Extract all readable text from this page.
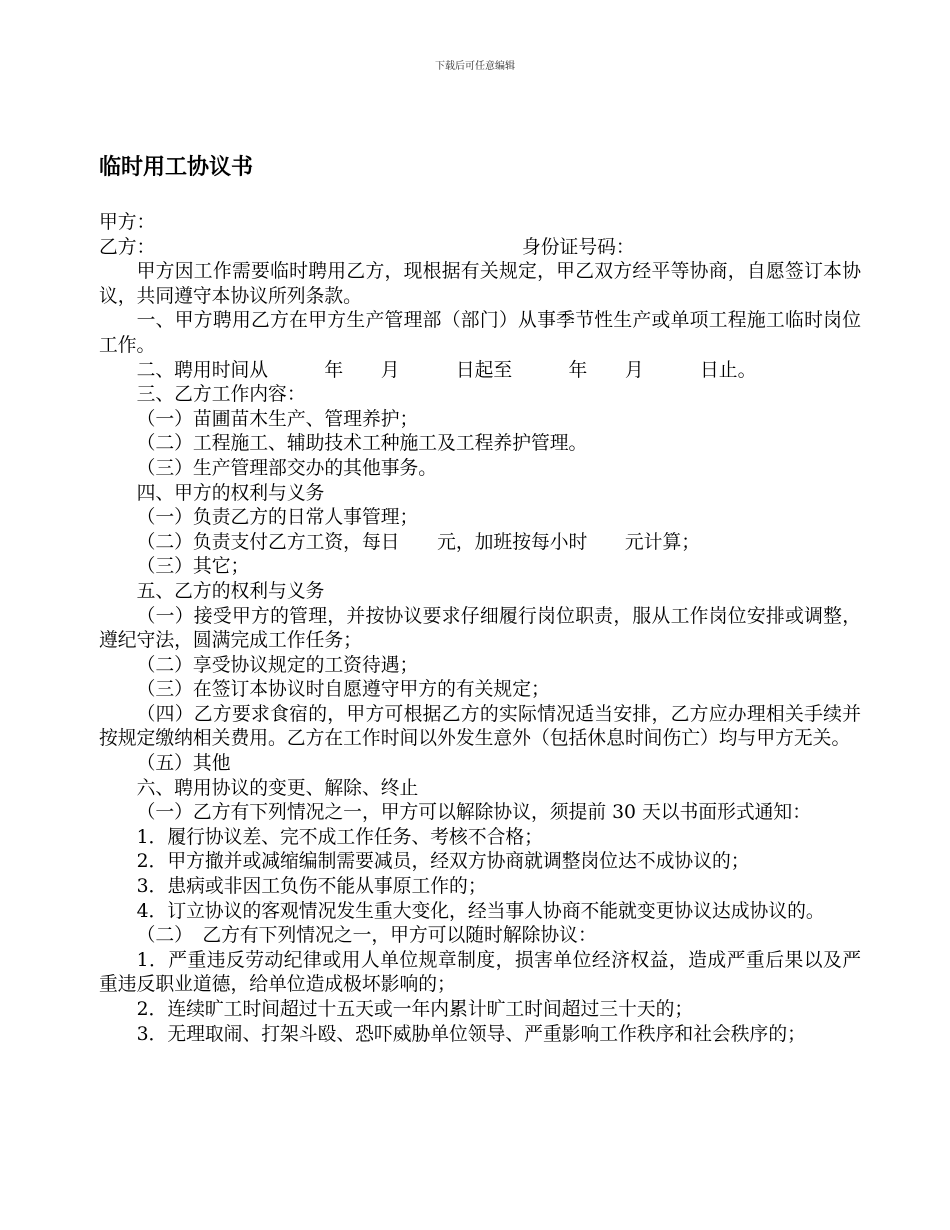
下载后可任意编辑
临时用工协议书

甲方：

乙方：	身份证号码：

甲方因工作需要临时聘用乙方，现根据有关规定，甲乙双方经平等协商，自愿签订本协议，共同遵守本协议所列条款。

一、甲方聘用乙方在甲方生产管理部（部门）从事季节性生产或单项工程施工临时岗位工作。

二、聘用时间从　　　年　　月　　　日起至　　　年　　月　　　日止。

三、乙方工作内容：

（一）苗圃苗木生产、管理养护；

（二）工程施工、辅助技术工种施工及工程养护管理。

（三）生产管理部交办的其他事务。

四、甲方的权利与义务

（一）负责乙方的日常人事管理；

（二）负责支付乙方工资，每日　　元，加班按每小时　　元计算；

（三）其它；

五、乙方的权利与义务

（一）接受甲方的管理，并按协议要求仔细履行岗位职责，服从工作岗位安排或调整，遵纪守法，圆满完成工作任务；

（二）享受协议规定的工资待遇；

（三）在签订本协议时自愿遵守甲方的有关规定；

（四）乙方要求食宿的，甲方可根据乙方的实际情况适当安排，乙方应办理相关手续并按规定缴纳相关费用。乙方在工作时间以外发生意外（包括休息时间伤亡）均与甲方无关。

（五）其他

六、聘用协议的变更、解除、终止

（一）乙方有下列情况之一，甲方可以解除协议，须提前 30 天以书面形式通知：

1．履行协议差、完不成工作任务、考核不合格；

2．甲方撤并或减缩编制需要减员，经双方协商就调整岗位达不成协议的；

3．患病或非因工负伤不能从事原工作的；

4．订立协议的客观情况发生重大变化，经当事人协商不能就变更协议达成协议的。

（二）　乙方有下列情况之一，甲方可以随时解除协议：

1．严重违反劳动纪律或用人单位规章制度，损害单位经济权益，造成严重后果以及严重违反职业道德，给单位造成极坏影响的；

2．连续旷工时间超过十五天或一年内累计旷工时间超过三十天的；

3．无理取闹、打架斗殴、恐吓威胁单位领导、严重影响工作秩序和社会秩序的；
